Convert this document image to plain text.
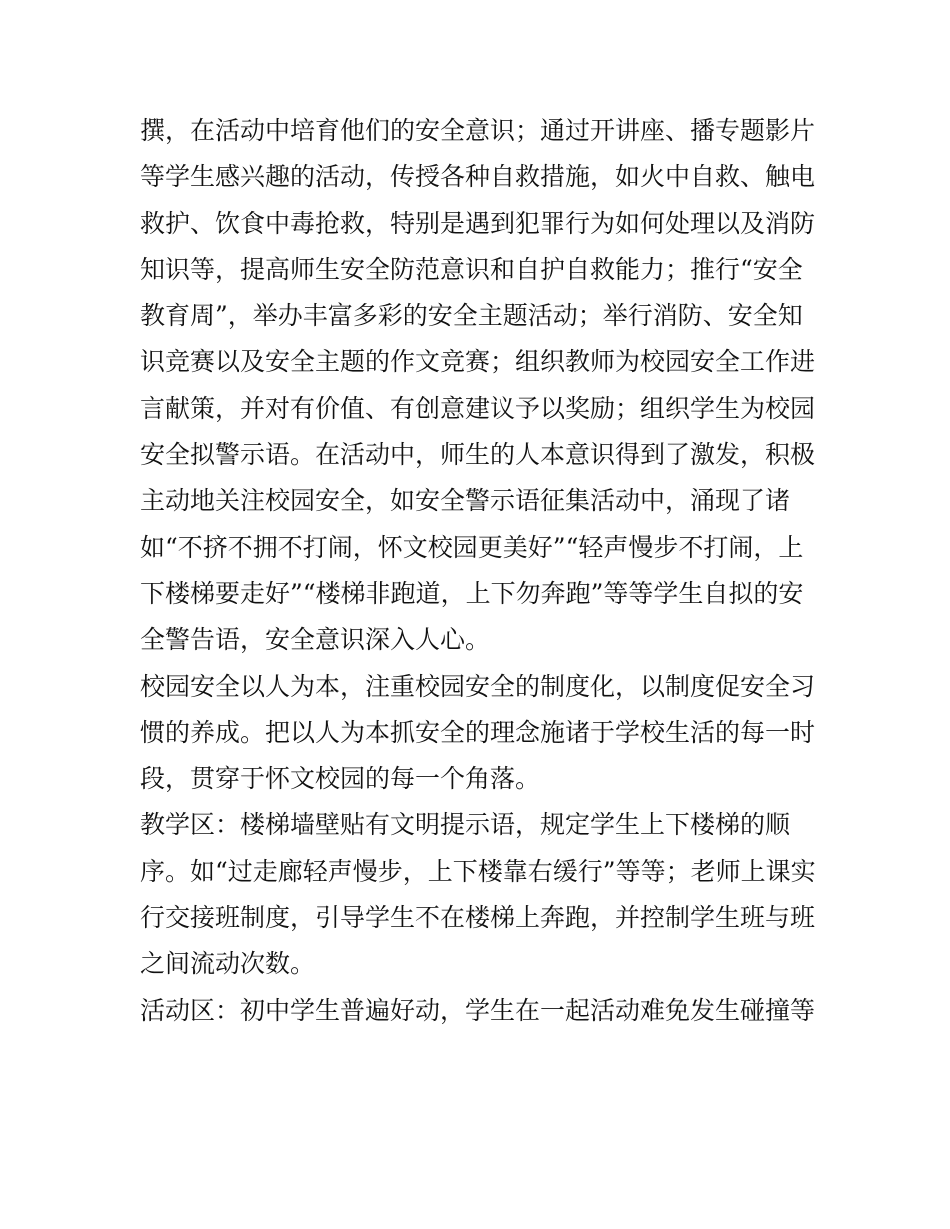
撰，在活动中培育他们的安全意识；通过开讲座、播专题影片
等学生感兴趣的活动，传授各种自救措施，如火中自救、触电
救护、饮食中毒抢救，特别是遇到犯罪行为如何处理以及消防
知识等，提高师生安全防范意识和自护自救能力；推行“安全
教育周”，举办丰富多彩的安全主题活动；举行消防、安全知
识竞赛以及安全主题的作文竞赛；组织教师为校园安全工作进
言献策，并对有价值、有创意建议予以奖励；组织学生为校园
安全拟警示语。在活动中，师生的人本意识得到了激发，积极
主动地关注校园安全，如安全警示语征集活动中，涌现了诸
如“不挤不拥不打闹，怀文校园更美好”“轻声慢步不打闹，上
下楼梯要走好”“楼梯非跑道，上下勿奔跑”等等学生自拟的安
全警告语，安全意识深入人心。
校园安全以人为本，注重校园安全的制度化，以制度促安全习
惯的养成。把以人为本抓安全的理念施诸于学校生活的每一时
段，贯穿于怀文校园的每一个角落。
教学区：楼梯墙壁贴有文明提示语，规定学生上下楼梯的顺
序。如“过走廊轻声慢步，上下楼靠右缓行”等等；老师上课实
行交接班制度，引导学生不在楼梯上奔跑，并控制学生班与班
之间流动次数。
活动区：初中学生普遍好动，学生在一起活动难免发生碰撞等
